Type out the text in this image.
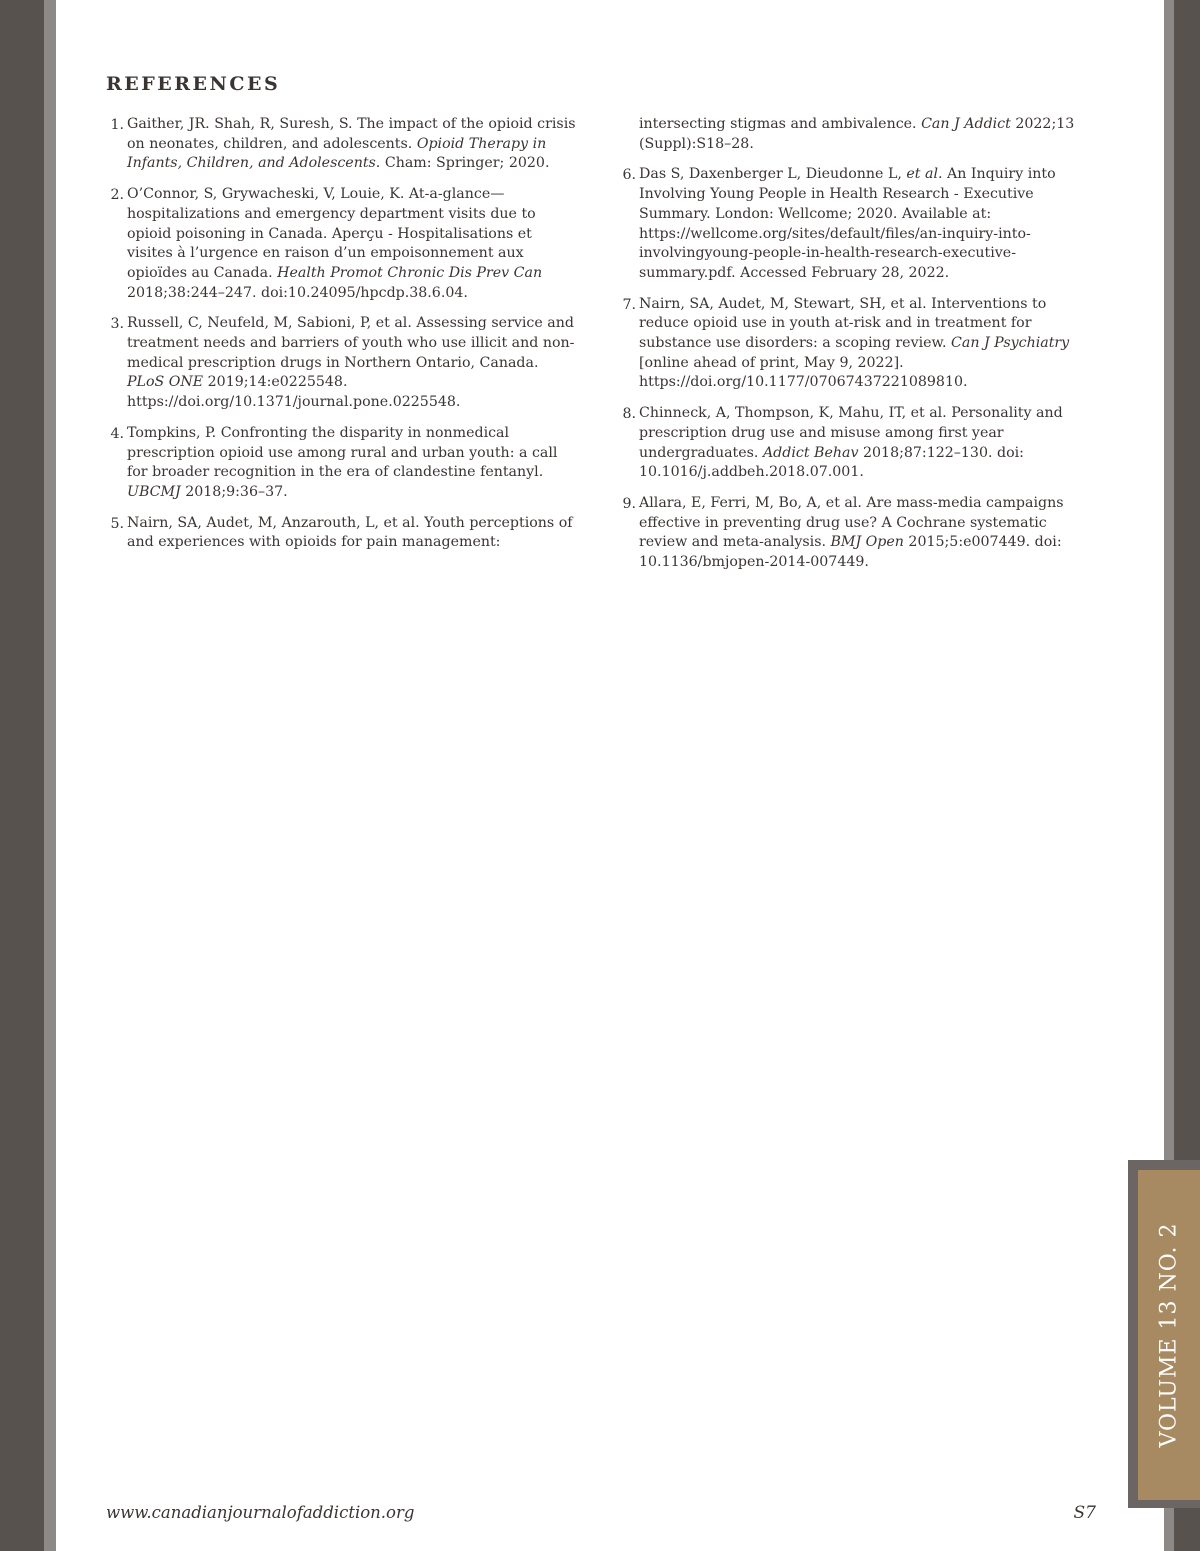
REFERENCES
1. Gaither, JR. Shah, R, Suresh, S. The impact of the opioid crisis on neonates, children, and adolescents. Opioid Therapy in Infants, Children, and Adolescents. Cham: Springer; 2020.
2. O’Connor, S, Grywacheski, V, Louie, K. At-a-glance—hospitalizations and emergency department visits due to opioid poisoning in Canada. Aperçu - Hospitalisations et visites à l’urgence en raison d’un empoisonnement aux opioïdes au Canada. Health Promot Chronic Dis Prev Can 2018;38:244–247. doi:10.24095/hpcdp.38.6.04.
3. Russell, C, Neufeld, M, Sabioni, P, et al. Assessing service and treatment needs and barriers of youth who use illicit and non-medical prescription drugs in Northern Ontario, Canada. PLoS ONE 2019;14:e0225548. https://doi.org/10.1371/journal.pone.0225548.
4. Tompkins, P. Confronting the disparity in nonmedical prescription opioid use among rural and urban youth: a call for broader recognition in the era of clandestine fentanyl. UBCMJ 2018;9:36–37.
5. Nairn, SA, Audet, M, Anzarouth, L, et al. Youth perceptions of and experiences with opioids for pain management:
intersecting stigmas and ambivalence. Can J Addict 2022;13 (Suppl):S18–28.
6. Das S, Daxenberger L, Dieudonne L, et al. An Inquiry into Involving Young People in Health Research - Executive Summary. London: Wellcome; 2020. Available at: https://wellcome.org/sites/default/files/an-inquiry-into-involvingyoung-people-in-health-research-executive-summary.pdf. Accessed February 28, 2022.
7. Nairn, SA, Audet, M, Stewart, SH, et al. Interventions to reduce opioid use in youth at-risk and in treatment for substance use disorders: a scoping review. Can J Psychiatry [online ahead of print, May 9, 2022]. https://doi.org/10.1177/07067437221089810.
8. Chinneck, A, Thompson, K, Mahu, IT, et al. Personality and prescription drug use and misuse among first year undergraduates. Addict Behav 2018;87:122–130. doi: 10.1016/j.addbeh.2018.07.001.
9. Allara, E, Ferri, M, Bo, A, et al. Are mass-media campaigns effective in preventing drug use? A Cochrane systematic review and meta-analysis. BMJ Open 2015;5:e007449. doi: 10.1136/bmjopen-2014-007449.
www.canadianjournalofaddiction.org	S7
VOLUME 13 NO. 2
